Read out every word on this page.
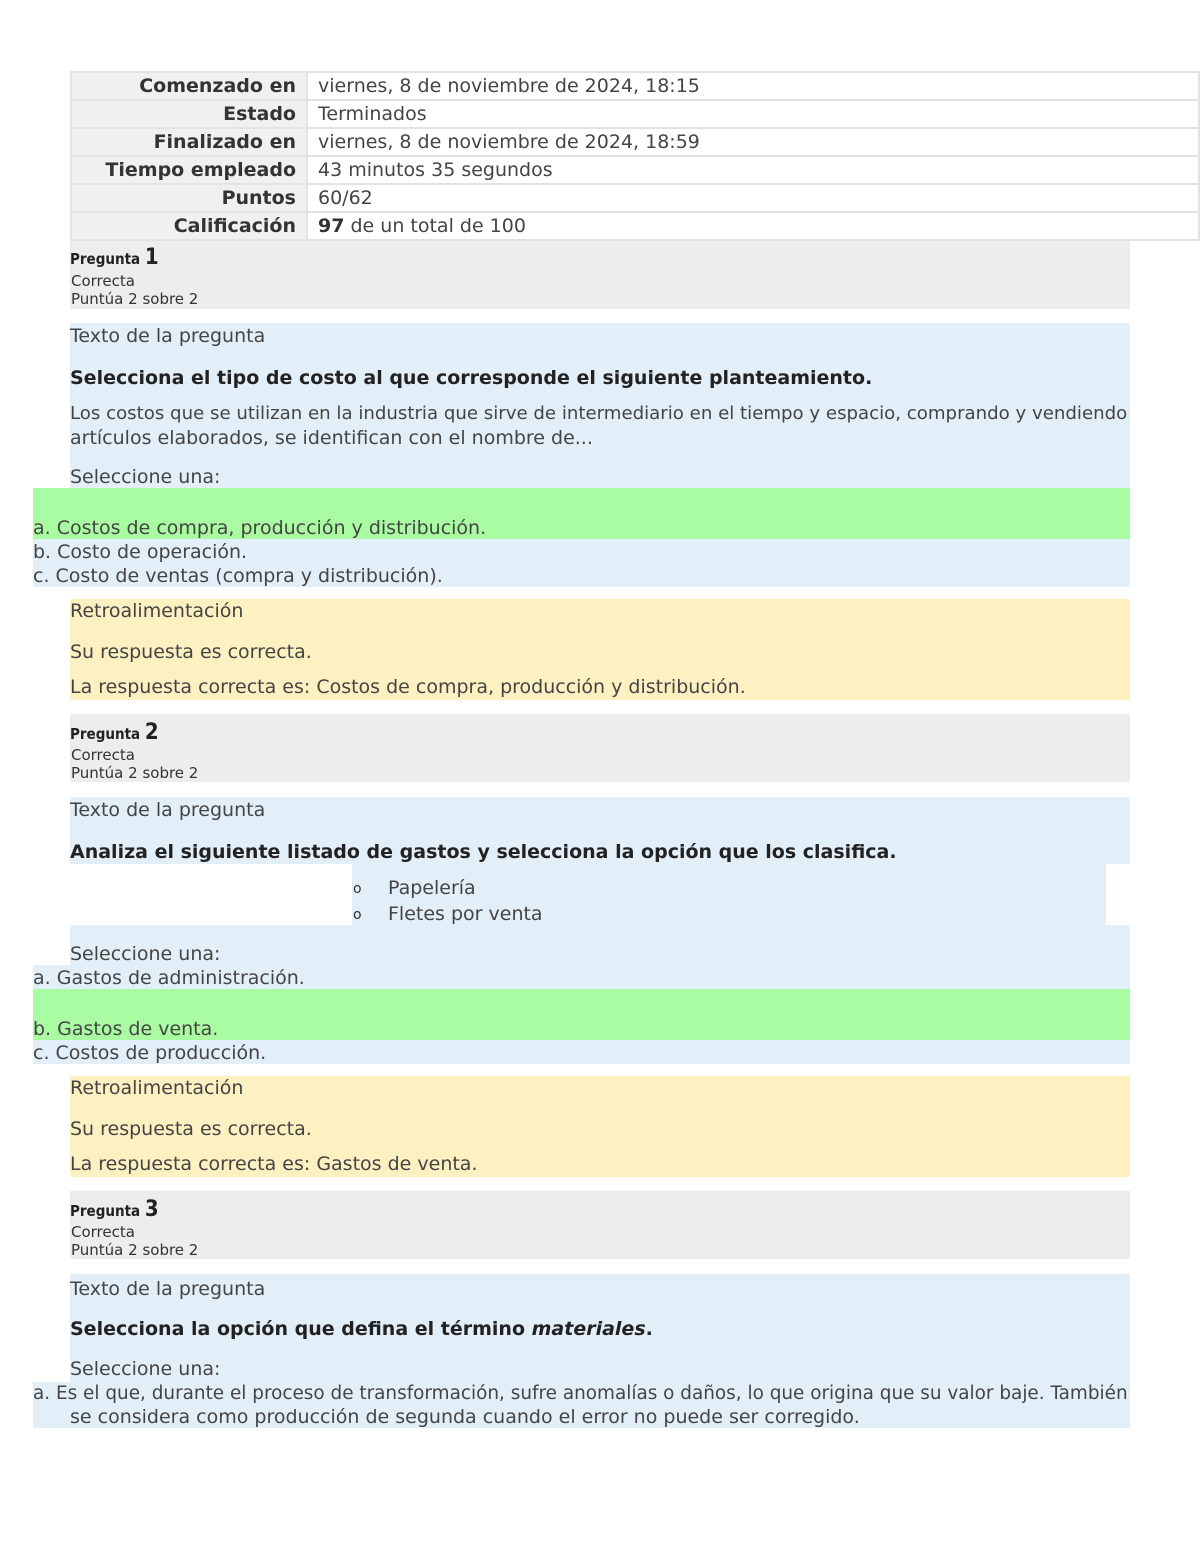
Comenzado en	viernes, 8 de noviembre de 2024, 18:15
Estado	Terminados
Finalizado en	viernes, 8 de noviembre de 2024, 18:59
Tiempo empleado	43 minutos 35 segundos
Puntos	60/62
Calificación	97 de un total de 100
Pregunta 1
Correcta
Puntúa 2 sobre 2
Texto de la pregunta
Selecciona el tipo de costo al que corresponde el siguiente planteamiento.
Los costos que se utilizan en la industria que sirve de intermediario en el tiempo y espacio, comprando y vendiendo
artículos elaborados, se identifican con el nombre de...
Seleccione una:
a. Costos de compra, producción y distribución.
b. Costo de operación.
c. Costo de ventas (compra y distribución).
Retroalimentación
Su respuesta es correcta.
La respuesta correcta es: Costos de compra, producción y distribución.
Pregunta 2
Correcta
Puntúa 2 sobre 2
Texto de la pregunta
Analiza el siguiente listado de gastos y selecciona la opción que los clasifica.
o Papelería
o Fletes por venta
Seleccione una:
a. Gastos de administración.
b. Gastos de venta.
c. Costos de producción.
Retroalimentación
Su respuesta es correcta.
La respuesta correcta es: Gastos de venta.
Pregunta 3
Correcta
Puntúa 2 sobre 2
Texto de la pregunta
Selecciona la opción que defina el término materiales.
Seleccione una:
a. Es el que, durante el proceso de transformación, sufre anomalías o daños, lo que origina que su valor baje. También
se considera como producción de segunda cuando el error no puede ser corregido.
